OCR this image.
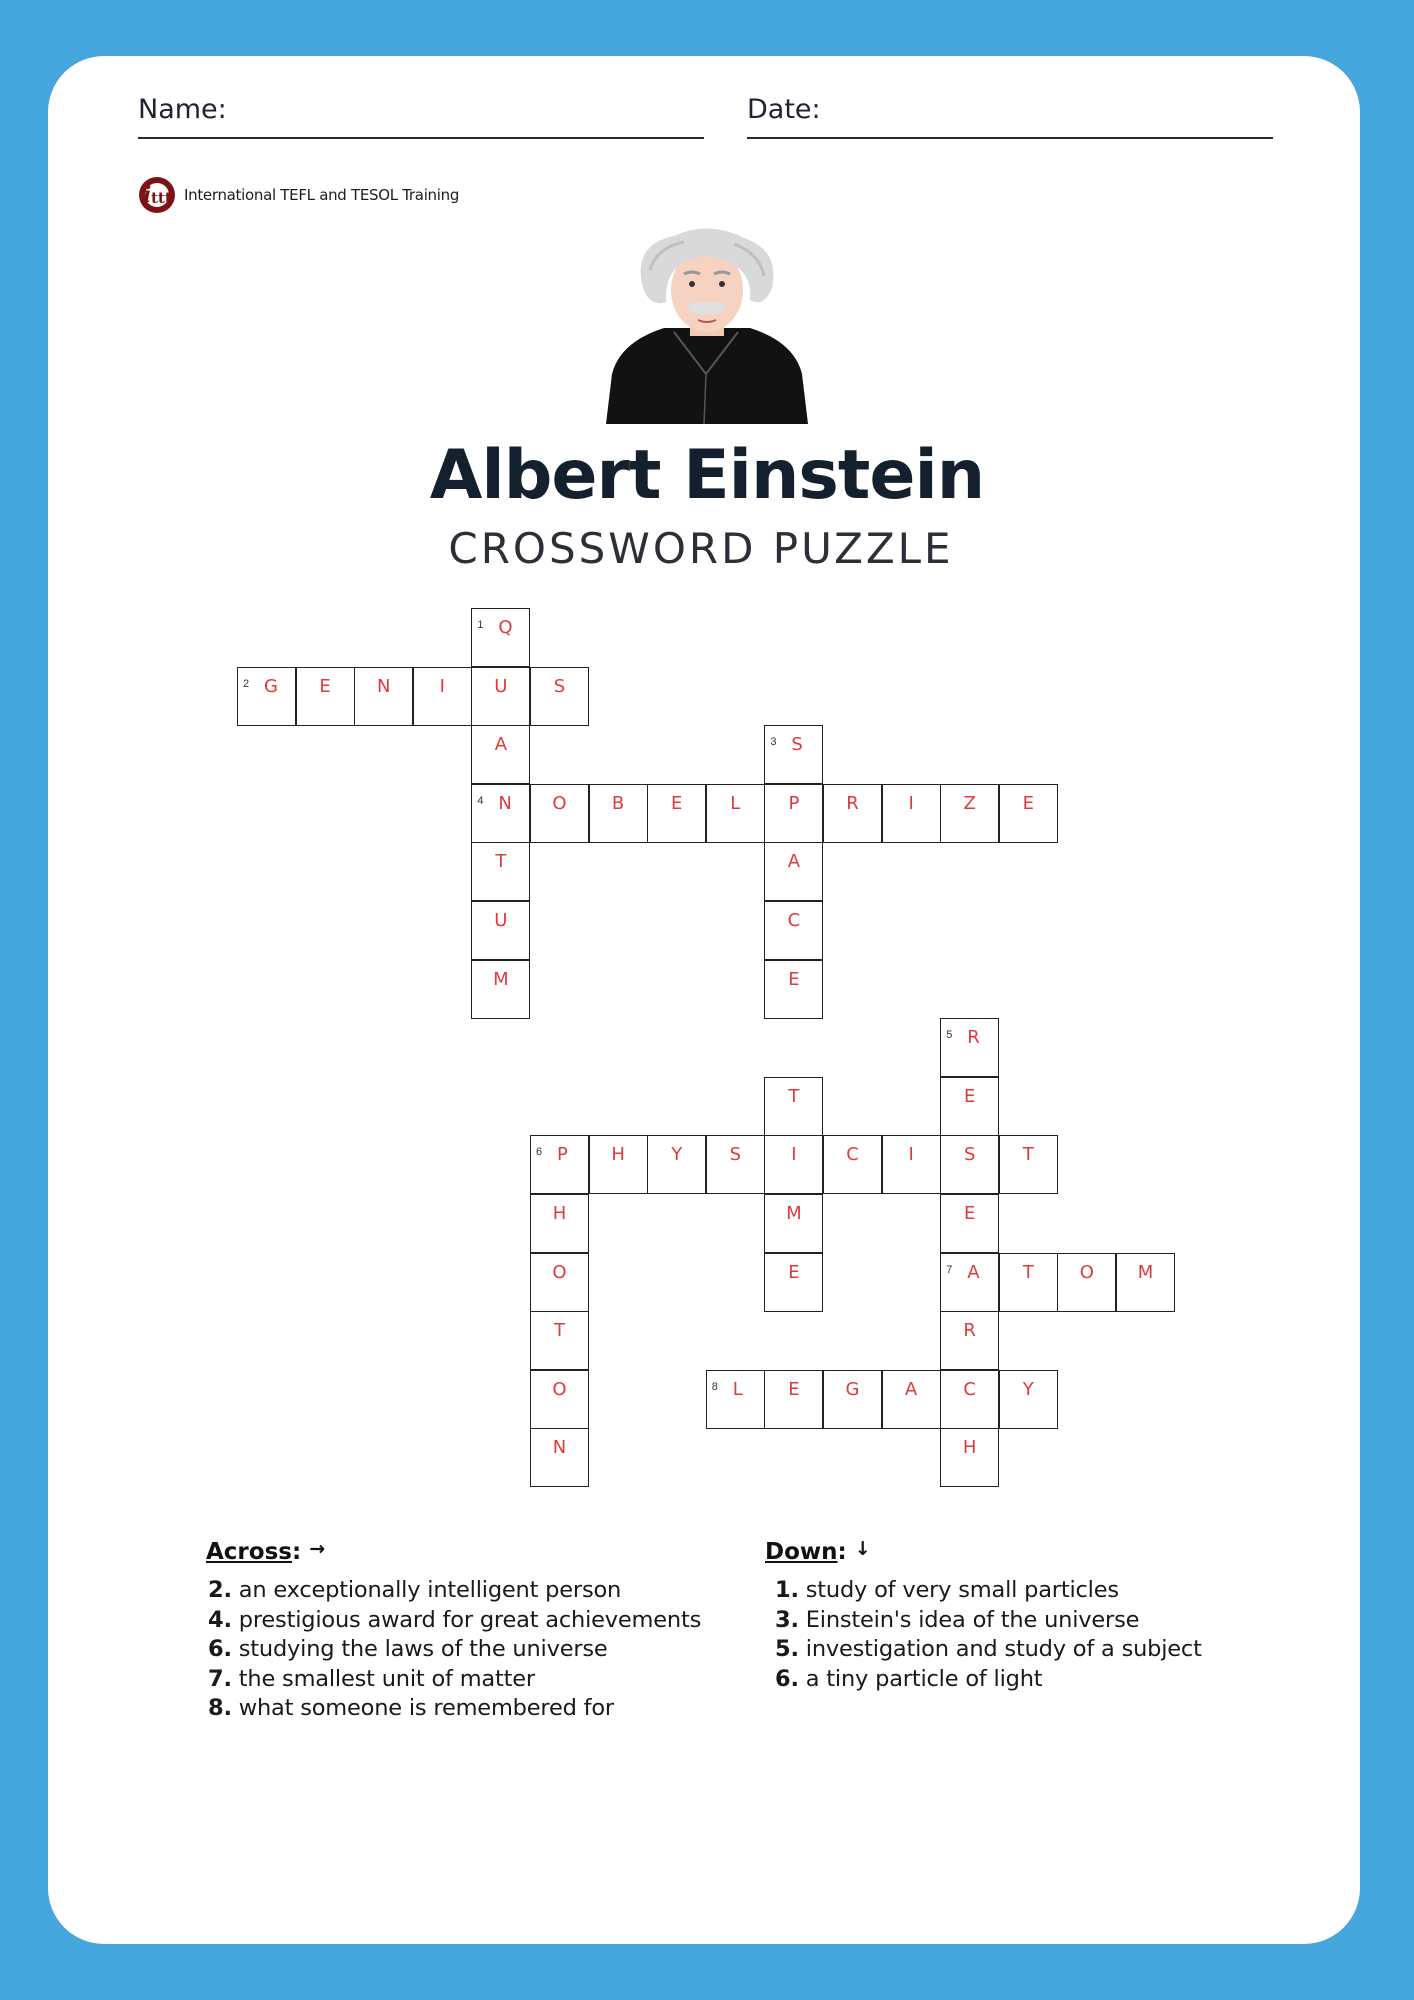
Name:	Date:
i ttt International TEFL and TESOL Training
Albert Einstein
CROSSWORD PUZZLE
1 Q
2 G	E	N	I	U	S
A	3 S
4 N	O	B	E	L	P	R	I	Z	E
T	A
U	C
M	E
5 R
T	E
6 P	H	Y	S	I	C	I	S	T
H	M	E
O	E	7 A	T	O	M
T	R
O	8 L	E	G	A	C	Y
N	H
Across: →
2. an exceptionally intelligent person
4. prestigious award for great achievements
6. studying the laws of the universe
7. the smallest unit of matter
8. what someone is remembered for
Down: ↓
1. study of very small particles
3. Einstein's idea of the universe
5. investigation and study of a subject
6. a tiny particle of light
